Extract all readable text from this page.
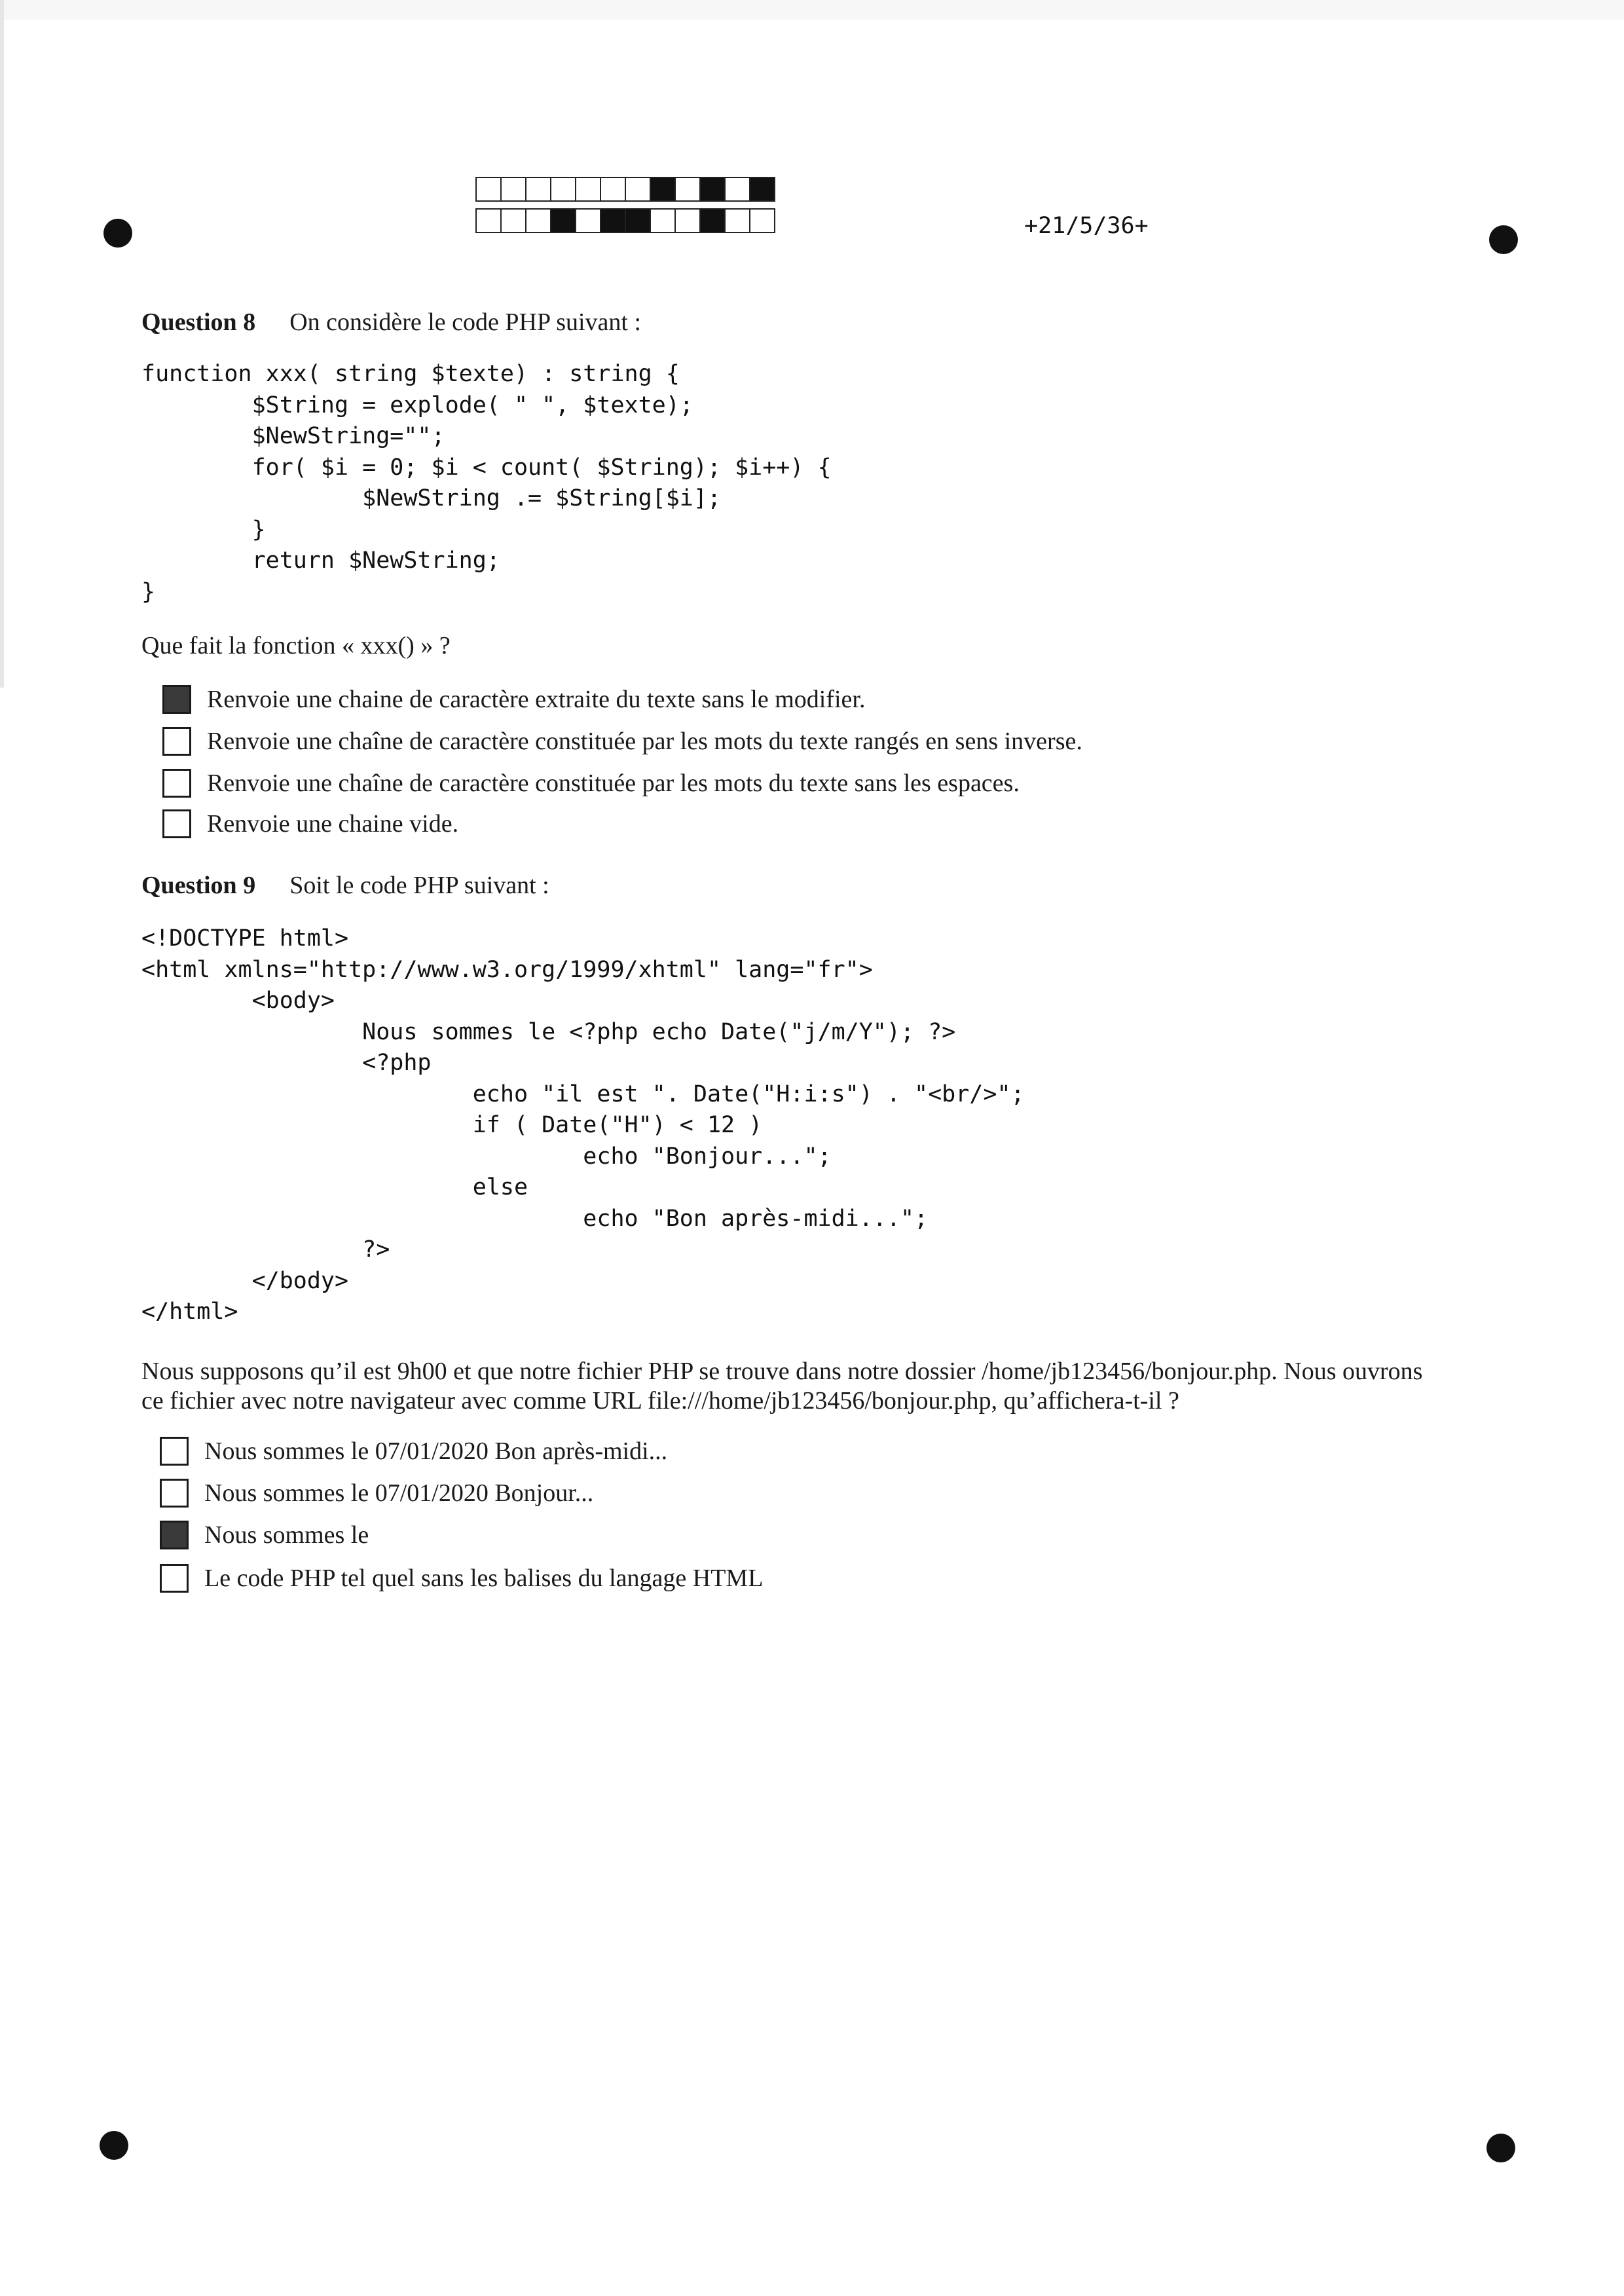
+21/5/36+
Question 8 On considère le code PHP suivant :
function xxx( string $texte) : string {
$String = explode( " ", $texte);
$NewString="";
for( $i = 0; $i < count( $String); $i++) {
$NewString .= $String[$i];
}
return $NewString;
}
Que fait la fonction « xxx() » ?
Renvoie une chaine de caractère extraite du texte sans le modifier.
Renvoie une chaîne de caractère constituée par les mots du texte rangés en sens inverse.
Renvoie une chaîne de caractère constituée par les mots du texte sans les espaces.
Renvoie une chaine vide.
Question 9 Soit le code PHP suivant :
<!DOCTYPE html>
<html xmlns="http://www.w3.org/1999/xhtml" lang="fr">
<body>
Nous sommes le <?php echo Date("j/m/Y"); ?>
<?php
echo "il est ". Date("H:i:s") . "<br/>";
if ( Date("H") < 12 )
echo "Bonjour...";
else
echo "Bon après-midi...";
?>
</body>
</html>
Nous supposons qu’il est 9h00 et que notre fichier PHP se trouve dans notre dossier /home/jb123456/bonjour.php. Nous ouvrons
ce fichier avec notre navigateur avec comme URL file:///home/jb123456/bonjour.php, qu’affichera-t-il ?
Nous sommes le 07/01/2020 Bon après-midi...
Nous sommes le 07/01/2020 Bonjour...
Nous sommes le
Le code PHP tel quel sans les balises du langage HTML
